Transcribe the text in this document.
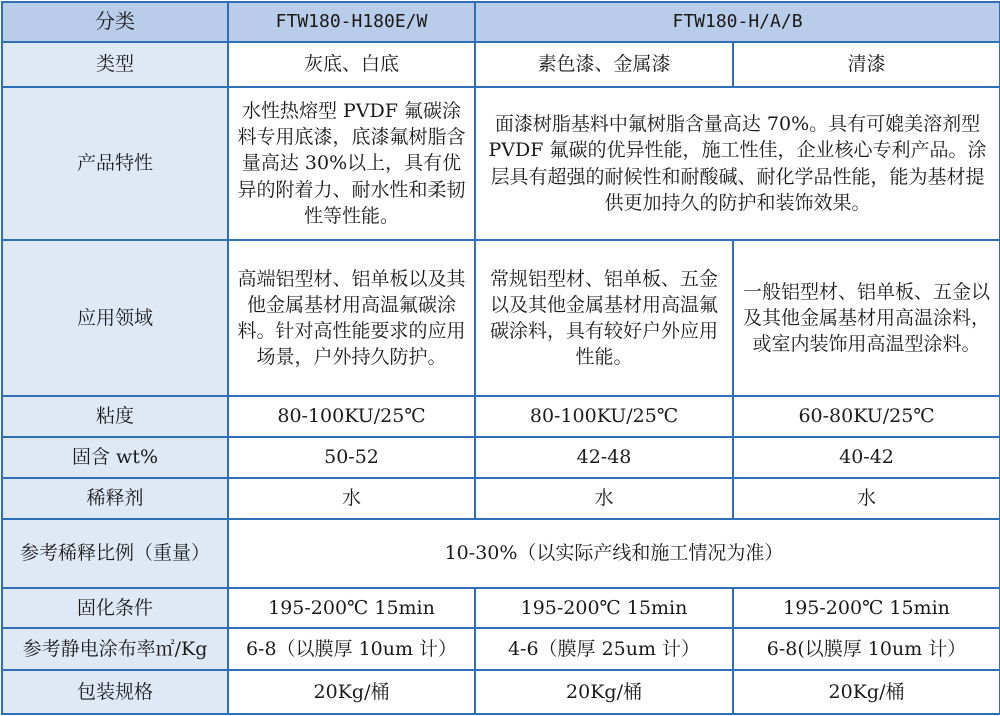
分类	FTW180-H180E/W	FTW180-H/A/B	
类型	灰底、白底	素色漆、金属漆	清漆
产品特性	水性热熔型 PVDF 氟碳涂料专用底漆，底漆氟树脂含量高达 30%以上，具有优异的附着力、耐水性和柔韧性等性能。	面漆树脂基料中氟树脂含量高达 70%。具有可媲美溶剂型 PVDF 氟碳的优异性能，施工性佳，企业核心专利产品。涂层具有超强的耐候性和耐酸碱、耐化学品性能，能为基材提供更加持久的防护和装饰效果。	
应用领域	高端铝型材、铝单板以及其他金属基材用高温氟碳涂料。针对高性能要求的应用场景，户外持久防护。	常规铝型材、铝单板、五金以及其他金属基材用高温氟碳涂料，具有较好户外应用性能。	一般铝型材、铝单板、五金以及其他金属基材用高温涂料，或室内装饰用高温型涂料。
粘度	80-100KU/25℃	80-100KU/25℃	60-80KU/25℃
固含 wt%	50-52	42-48	40-42
稀释剂	水	水	水
参考稀释比例（重量）	10-30%（以实际产线和施工情况为准）		
固化条件	195-200℃ 15min	195-200℃ 15min	195-200℃ 15min
参考静电涂布率㎡/Kg	6-8（以膜厚 10um 计）	4-6（膜厚 25um 计）	6-8(以膜厚 10um 计）
包装规格	20Kg/桶	20Kg/桶	20Kg/桶
